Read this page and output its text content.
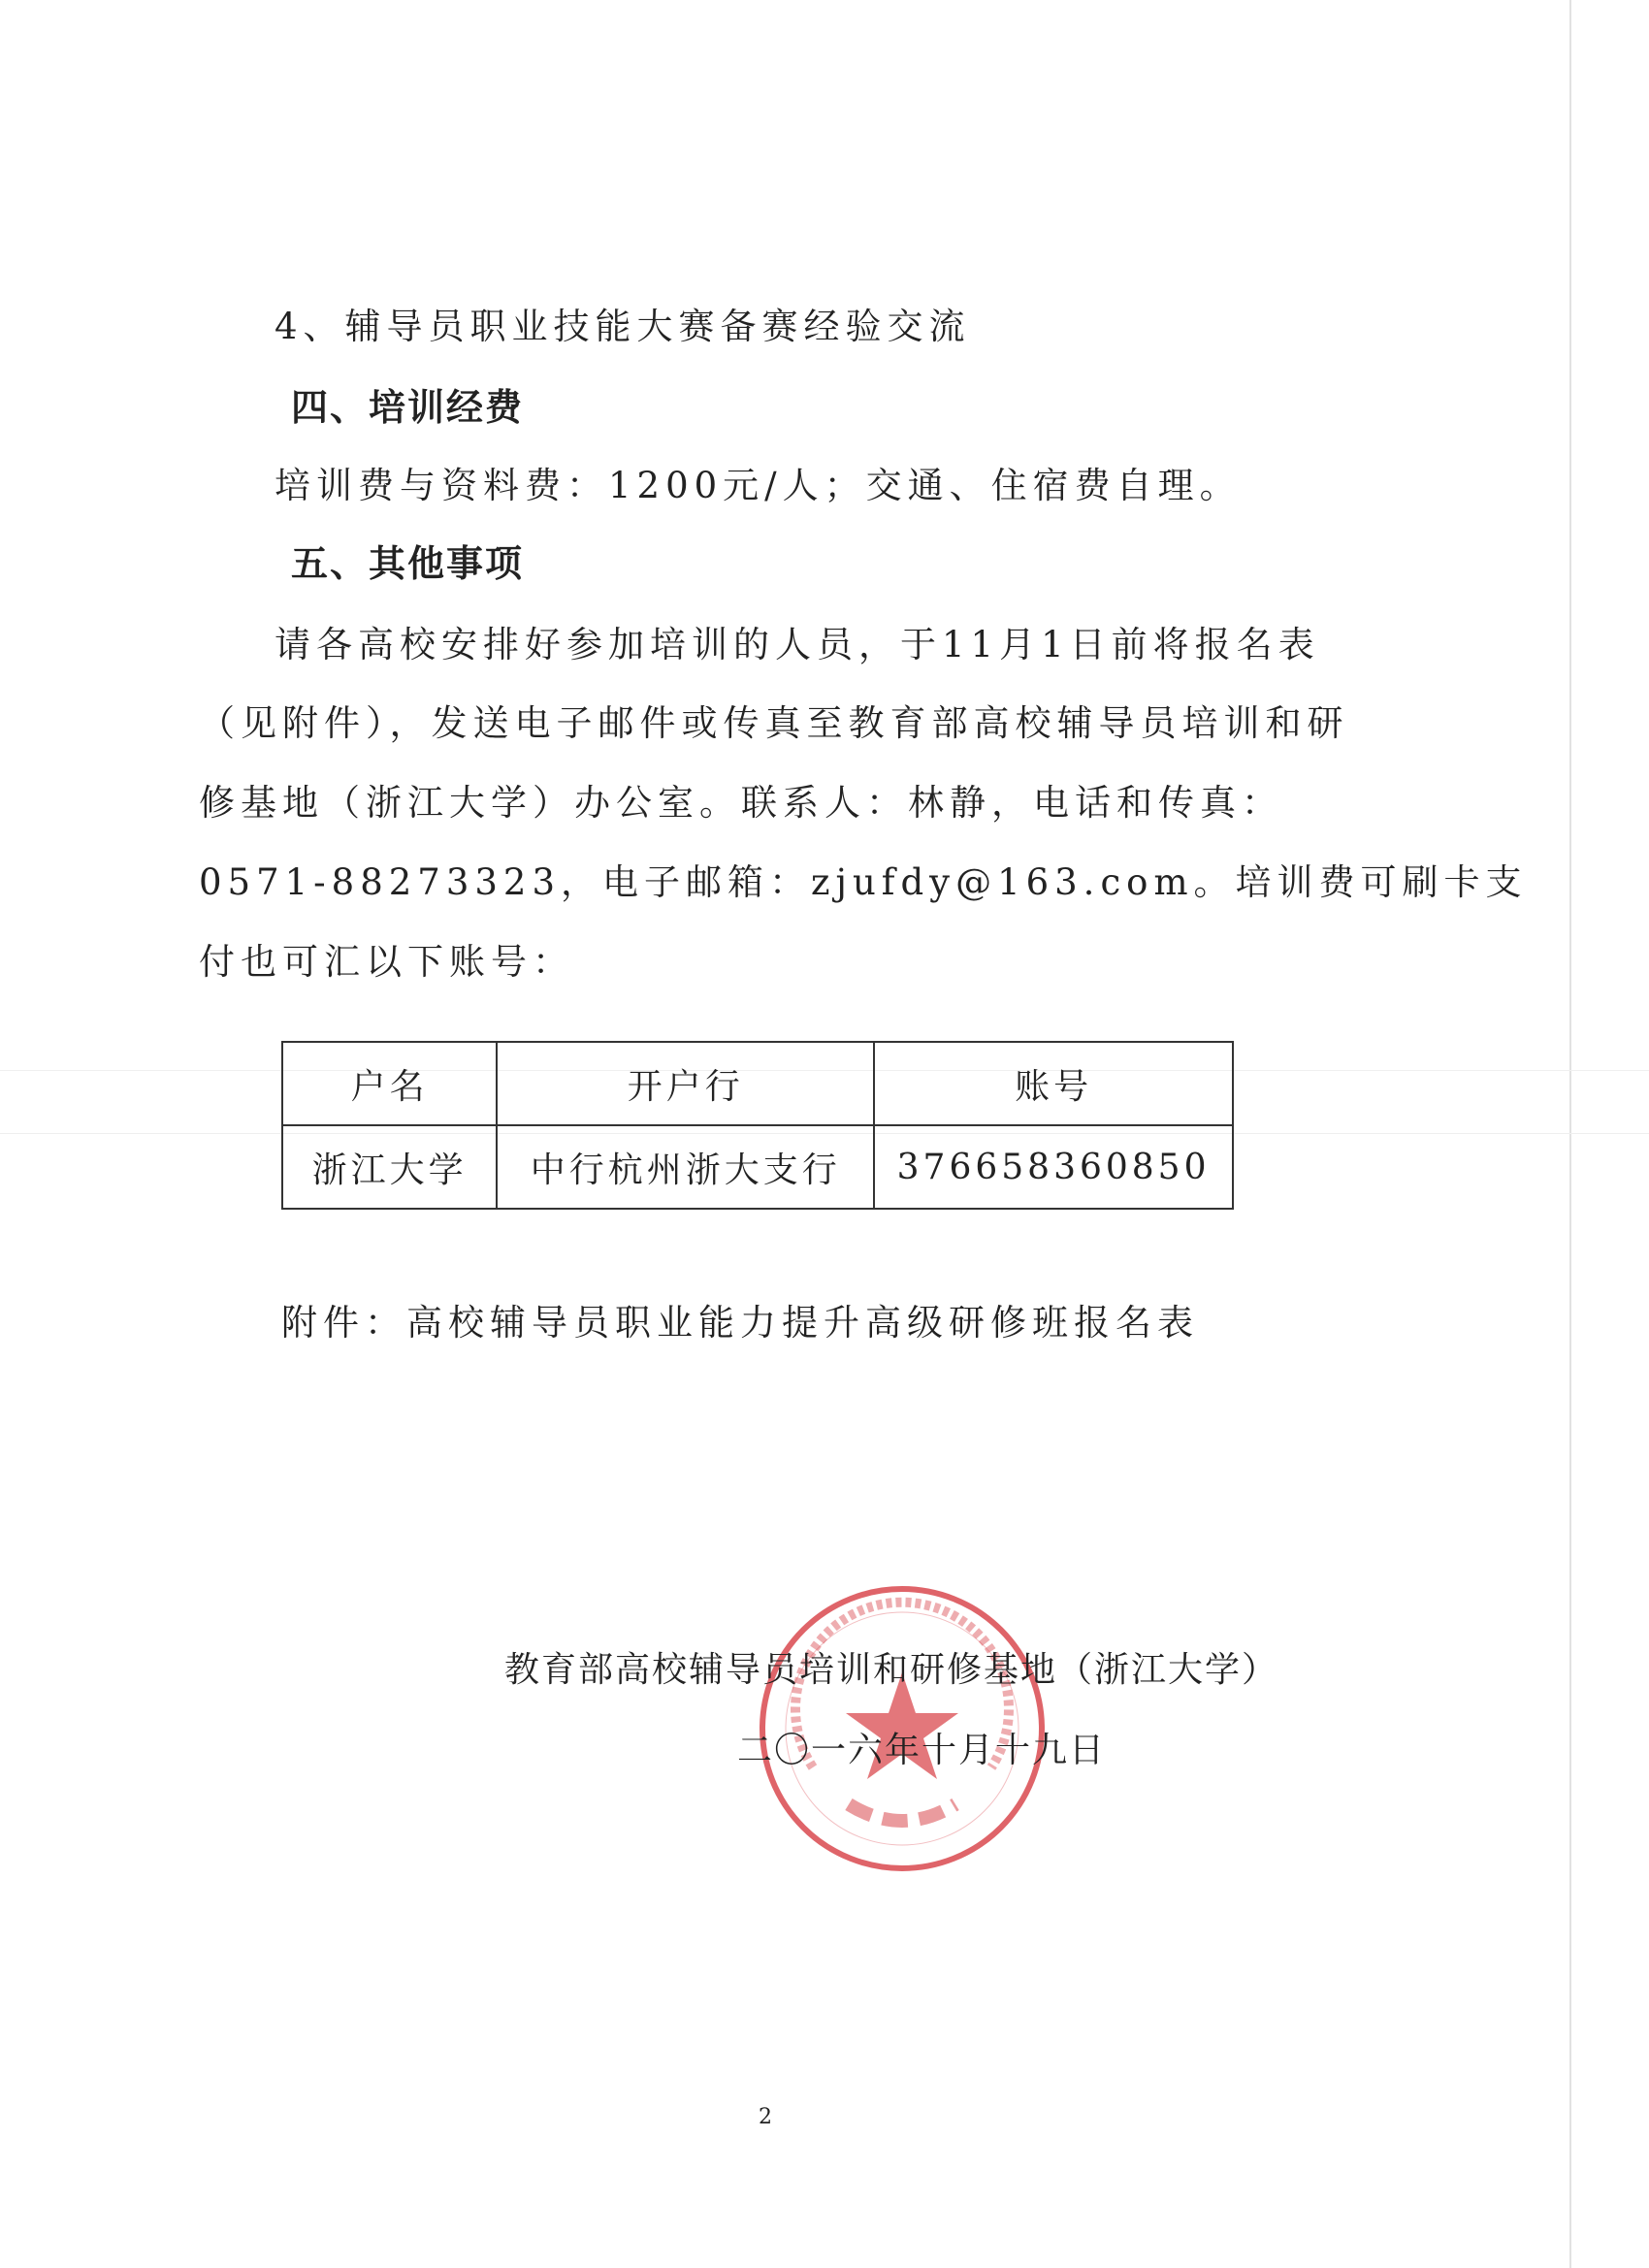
4、辅导员职业技能大赛备赛经验交流
四、培训经费
培训费与资料费：1200元/人；交通、住宿费自理。
五、其他事项
请各高校安排好参加培训的人员，于11月1日前将报名表
（见附件），发送电子邮件或传真至教育部高校辅导员培训和研
修基地（浙江大学）办公室。联系人：林静，电话和传真：
0571-88273323，电子邮箱：zjufdy@163.com。培训费可刷卡支
付也可汇以下账号：
户名	开户行	账号
浙江大学	中行杭州浙大支行	376658360850
附件：高校辅导员职业能力提升高级研修班报名表
教育部高校辅导员培训和研修基地（浙江大学）
二〇一六年十月十九日
2
